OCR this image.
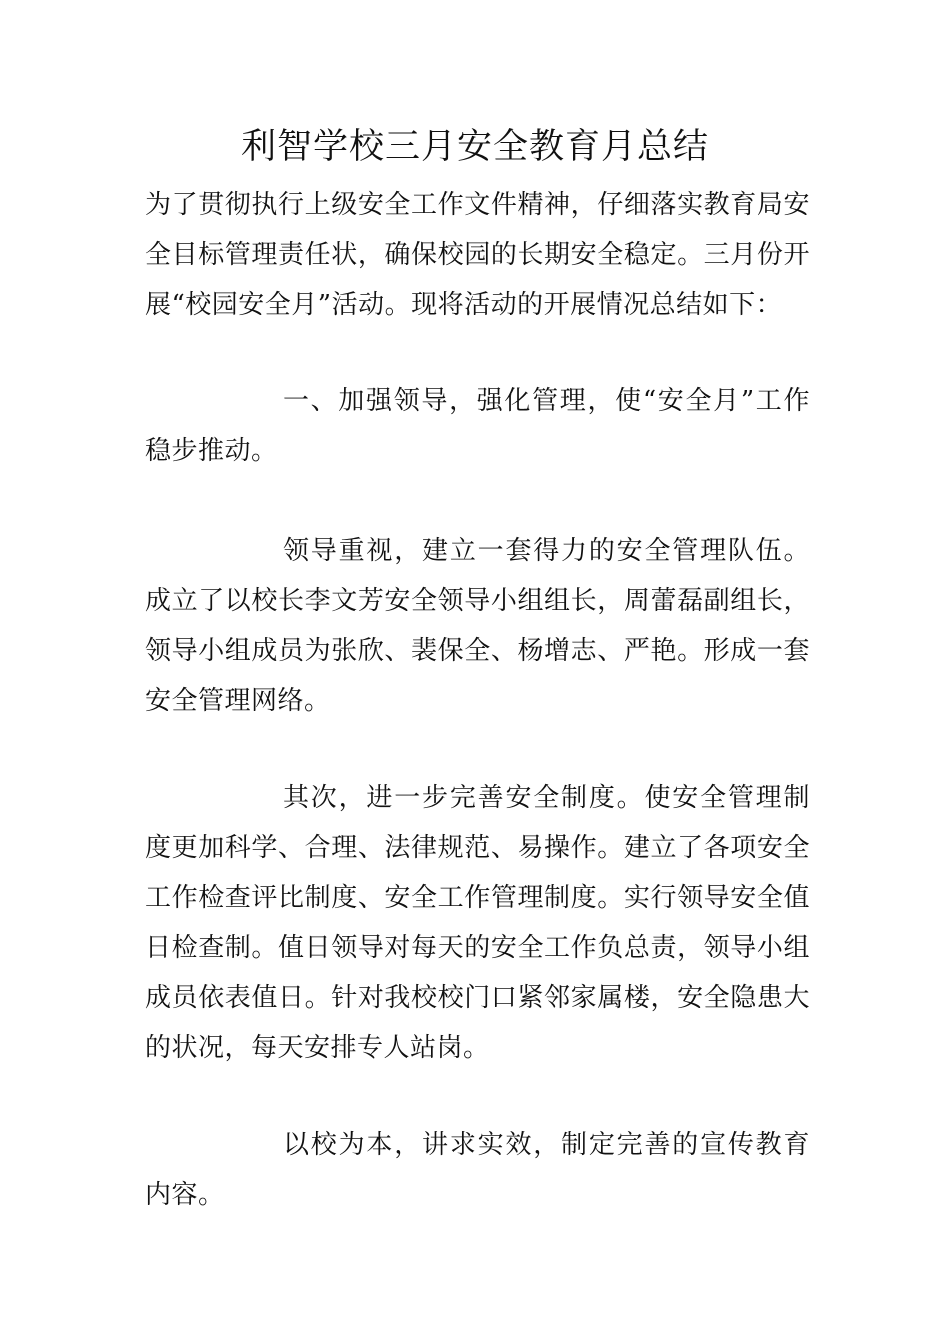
利智学校三月安全教育月总结

为了贯彻执行上级安全工作文件精神，仔细落实教育局安全目标管理责任状，确保校园的长期安全稳定。三月份开展“校园安全月”活动。现将活动的开展情况总结如下：

一、加强领导，强化管理，使“安全月”工作稳步推动。

领导重视，建立一套得力的安全管理队伍。成立了以校长李文芳安全领导小组组长，周蕾磊副组长，领导小组成员为张欣、裴保全、杨增志、严艳。形成一套安全管理网络。

其次，进一步完善安全制度。使安全管理制度更加科学、合理、法律规范、易操作。建立了各项安全工作检查评比制度、安全工作管理制度。实行领导安全值日检查制。值日领导对每天的安全工作负总责，领导小组成员依表值日。针对我校校门口紧邻家属楼，安全隐患大的状况，每天安排专人站岗。

以校为本，讲求实效，制定完善的宣传教育内容。
